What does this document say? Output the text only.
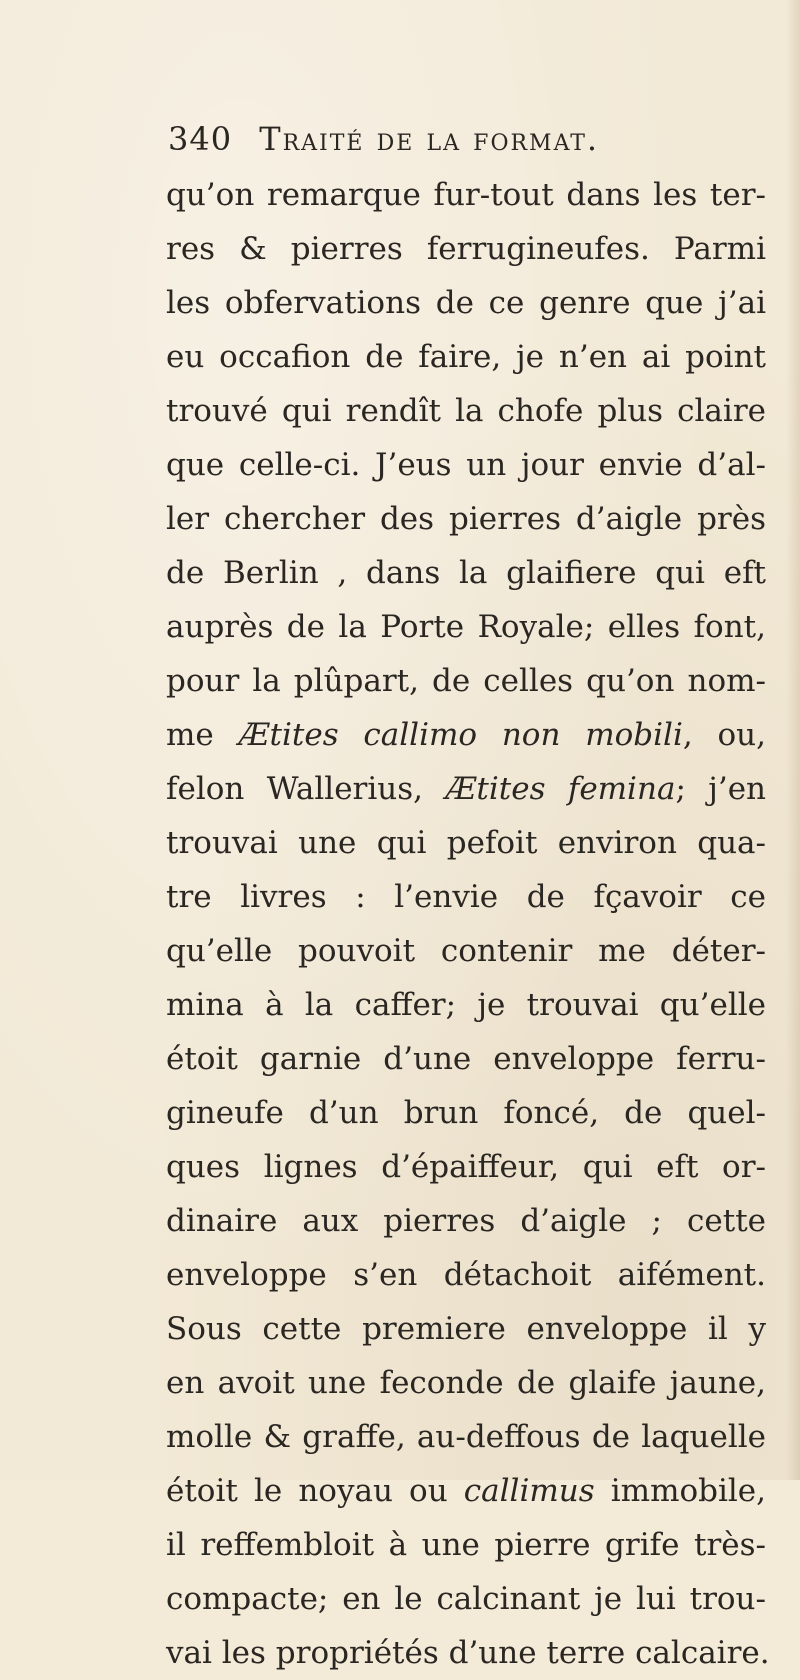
340 Traité de la format.
qu’on remarque fur-tout dans les ter-
res & pierres ferrugineufes. Parmi
les obfervations de ce genre que j’ai
eu occafion de faire, je n’en ai point
trouvé qui rendît la chofe plus claire
que celle-ci. J’eus un jour envie d’al-
ler chercher des pierres d’aigle près
de Berlin , dans la glaifiere qui eft
auprès de la Porte Royale; elles font,
pour la plûpart, de celles qu’on nom-
me Ætites callimo non mobili, ou,
felon Wallerius, Ætites femina; j’en
trouvai une qui pefoit environ qua-
tre livres : l’envie de fçavoir ce
qu’elle pouvoit contenir me déter-
mina à la caffer; je trouvai qu’elle
étoit garnie d’une enveloppe ferru-
gineufe d’un brun foncé, de quel-
ques lignes d’épaiffeur, qui eft or-
dinaire aux pierres d’aigle ; cette
enveloppe s’en détachoit aifément.
Sous cette premiere enveloppe il y
en avoit une feconde de glaife jaune,
molle & graffe, au-deffous de laquelle
étoit le noyau ou callimus immobile,
il reffembloit à une pierre grife très-
compacte; en le calcinant je lui trou-
vai les propriétés d’une terre calcaire.
